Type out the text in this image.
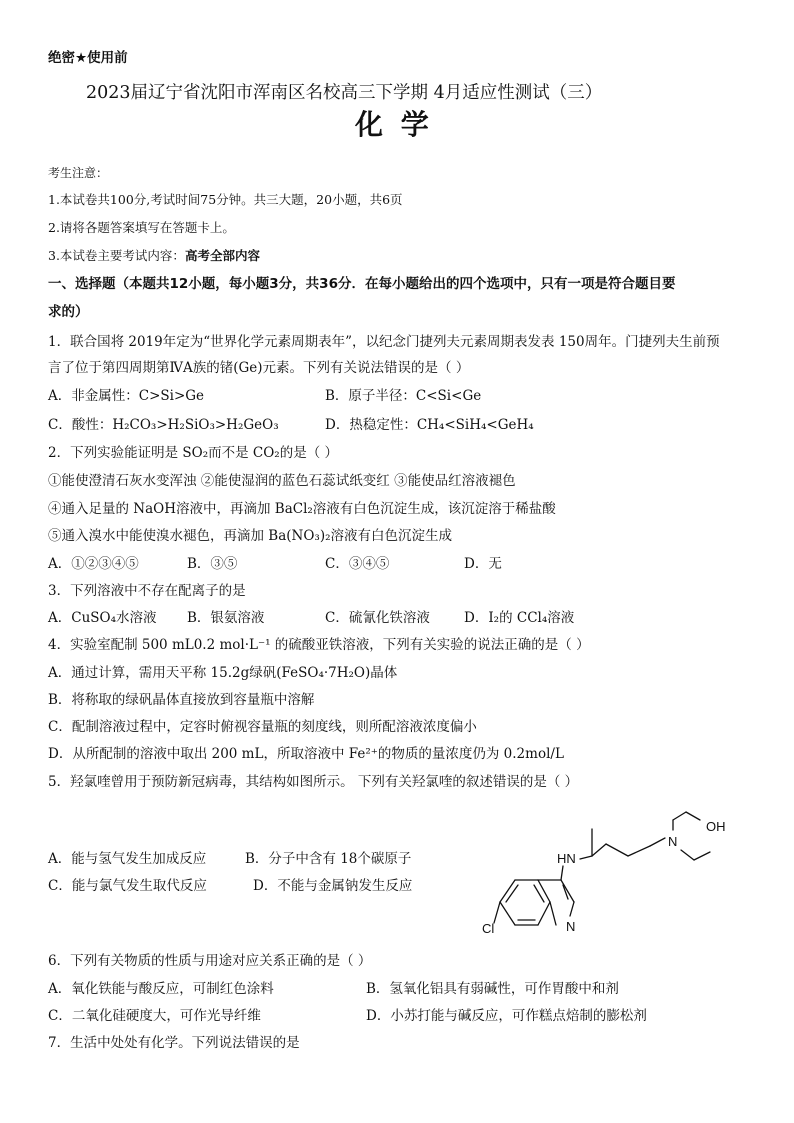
绝密★使用前
2023届辽宁省沈阳市浑南区名校高三下学期 4月适应性测试（三）
化 学
考生注意：
1.本试卷共100分,考试时间75分钟。共三大题，20小题，共6页
2.请将各题答案填写在答题卡上。
3.本试卷主要考试内容：高考全部内容
一、选择题（本题共12小题，每小题3分，共36分．在每小题给出的四个选项中，只有一项是符合题目要
求的）
1．联合国将 2019年定为“世界化学元素周期表年”，以纪念门捷列夫元素周期表发表 150周年。门捷列夫生前预
言了位于第四周期第ⅣA族的锗(Ge)元素。下列有关说法错误的是（ ）
A．非金属性：C>Si>Ge	B．原子半径：C<Si<Ge
C．酸性：H₂CO₃>H₂SiO₃>H₂GeO₃	D．热稳定性：CH₄<SiH₄<GeH₄
2．下列实验能证明是 SO₂而不是 CO₂的是（ ）
①能使澄清石灰水变浑浊 ②能使湿润的蓝色石蕊试纸变红 ③能使品红溶液褪色
④通入足量的 NaOH溶液中，再滴加 BaCl₂溶液有白色沉淀生成，该沉淀溶于稀盐酸
⑤通入溴水中能使溴水褪色，再滴加 Ba(NO₃)₂溶液有白色沉淀生成
A．①②③④⑤	B．③⑤	C．③④⑤	D．无
3．下列溶液中不存在配离子的是
A．CuSO₄水溶液 B．银氨溶液	C．硫氰化铁溶液	D．I₂的 CCl₄溶液
4．实验室配制 500 mL0.2 mol·L⁻¹ 的硫酸亚铁溶液，下列有关实验的说法正确的是（ ）
A．通过计算，需用天平称 15.2g绿矾(FeSO₄·7H₂O)晶体
B．将称取的绿矾晶体直接放到容量瓶中溶解
C．配制溶液过程中，定容时俯视容量瓶的刻度线，则所配溶液浓度偏小
D．从所配制的溶液中取出 200 mL，所取溶液中 Fe²⁺的物质的量浓度仍为 0.2mol/L
5．羟氯喹曾用于预防新冠病毒，其结构如图所示。 下列有关羟氯喹的叙述错误的是（ ）
A．能与氢气发生加成反应	B．分子中含有 18个碳原子
C．能与氯气发生取代反应	D．不能与金属钠发生反应
OH
N
HN
Cl	N
6．下列有关物质的性质与用途对应关系正确的是（ ）
A．氧化铁能与酸反应，可制红色涂料	B．氢氧化铝具有弱碱性，可作胃酸中和剂
C．二氧化硅硬度大，可作光导纤维	D．小苏打能与碱反应，可作糕点焙制的膨松剂
7．生活中处处有化学。下列说法错误的是
